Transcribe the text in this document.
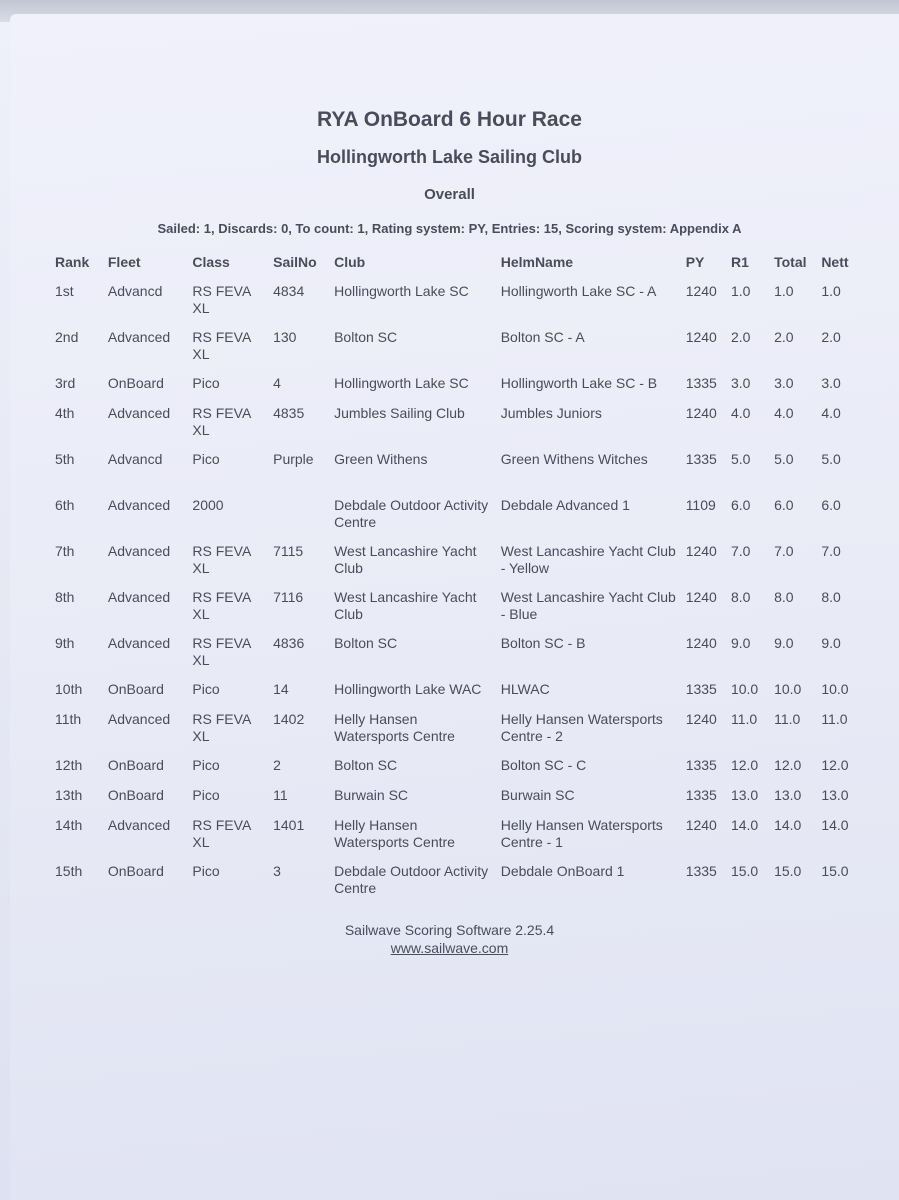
RYA OnBoard 6 Hour Race
Hollingworth Lake Sailing Club
Overall
Sailed: 1, Discards: 0, To count: 1, Rating system: PY, Entries: 15, Scoring system: Appendix A
Rank	Fleet	Class	SailNo	Club	HelmName	PY	R1	Total	Nett
1st	Advancd	RS FEVA XL	4834	Hollingworth Lake SC	Hollingworth Lake SC - A	1240	1.0	1.0	1.0
2nd	Advanced	RS FEVA XL	130	Bolton SC	Bolton SC - A	1240	2.0	2.0	2.0
3rd	OnBoard	Pico	4	Hollingworth Lake SC	Hollingworth Lake SC - B	1335	3.0	3.0	3.0
4th	Advanced	RS FEVA XL	4835	Jumbles Sailing Club	Jumbles Juniors	1240	4.0	4.0	4.0
5th	Advancd	Pico	Purple	Green Withens	Green Withens Witches	1335	5.0	5.0	5.0
6th	Advanced	2000		Debdale Outdoor Activity Centre	Debdale Advanced 1	1109	6.0	6.0	6.0
7th	Advanced	RS FEVA XL	7115	West Lancashire Yacht Club	West Lancashire Yacht Club - Yellow	1240	7.0	7.0	7.0
8th	Advanced	RS FEVA XL	7116	West Lancashire Yacht Club	West Lancashire Yacht Club - Blue	1240	8.0	8.0	8.0
9th	Advanced	RS FEVA XL	4836	Bolton SC	Bolton SC - B	1240	9.0	9.0	9.0
10th	OnBoard	Pico	14	Hollingworth Lake WAC	HLWAC	1335	10.0	10.0	10.0
11th	Advanced	RS FEVA XL	1402	Helly Hansen Watersports Centre	Helly Hansen Watersports Centre - 2	1240	11.0	11.0	11.0
12th	OnBoard	Pico	2	Bolton SC	Bolton SC - C	1335	12.0	12.0	12.0
13th	OnBoard	Pico	11	Burwain SC	Burwain SC	1335	13.0	13.0	13.0
14th	Advanced	RS FEVA XL	1401	Helly Hansen Watersports Centre	Helly Hansen Watersports Centre - 1	1240	14.0	14.0	14.0
15th	OnBoard	Pico	3	Debdale Outdoor Activity Centre	Debdale OnBoard 1	1335	15.0	15.0	15.0
Sailwave Scoring Software 2.25.4
www.sailwave.com
